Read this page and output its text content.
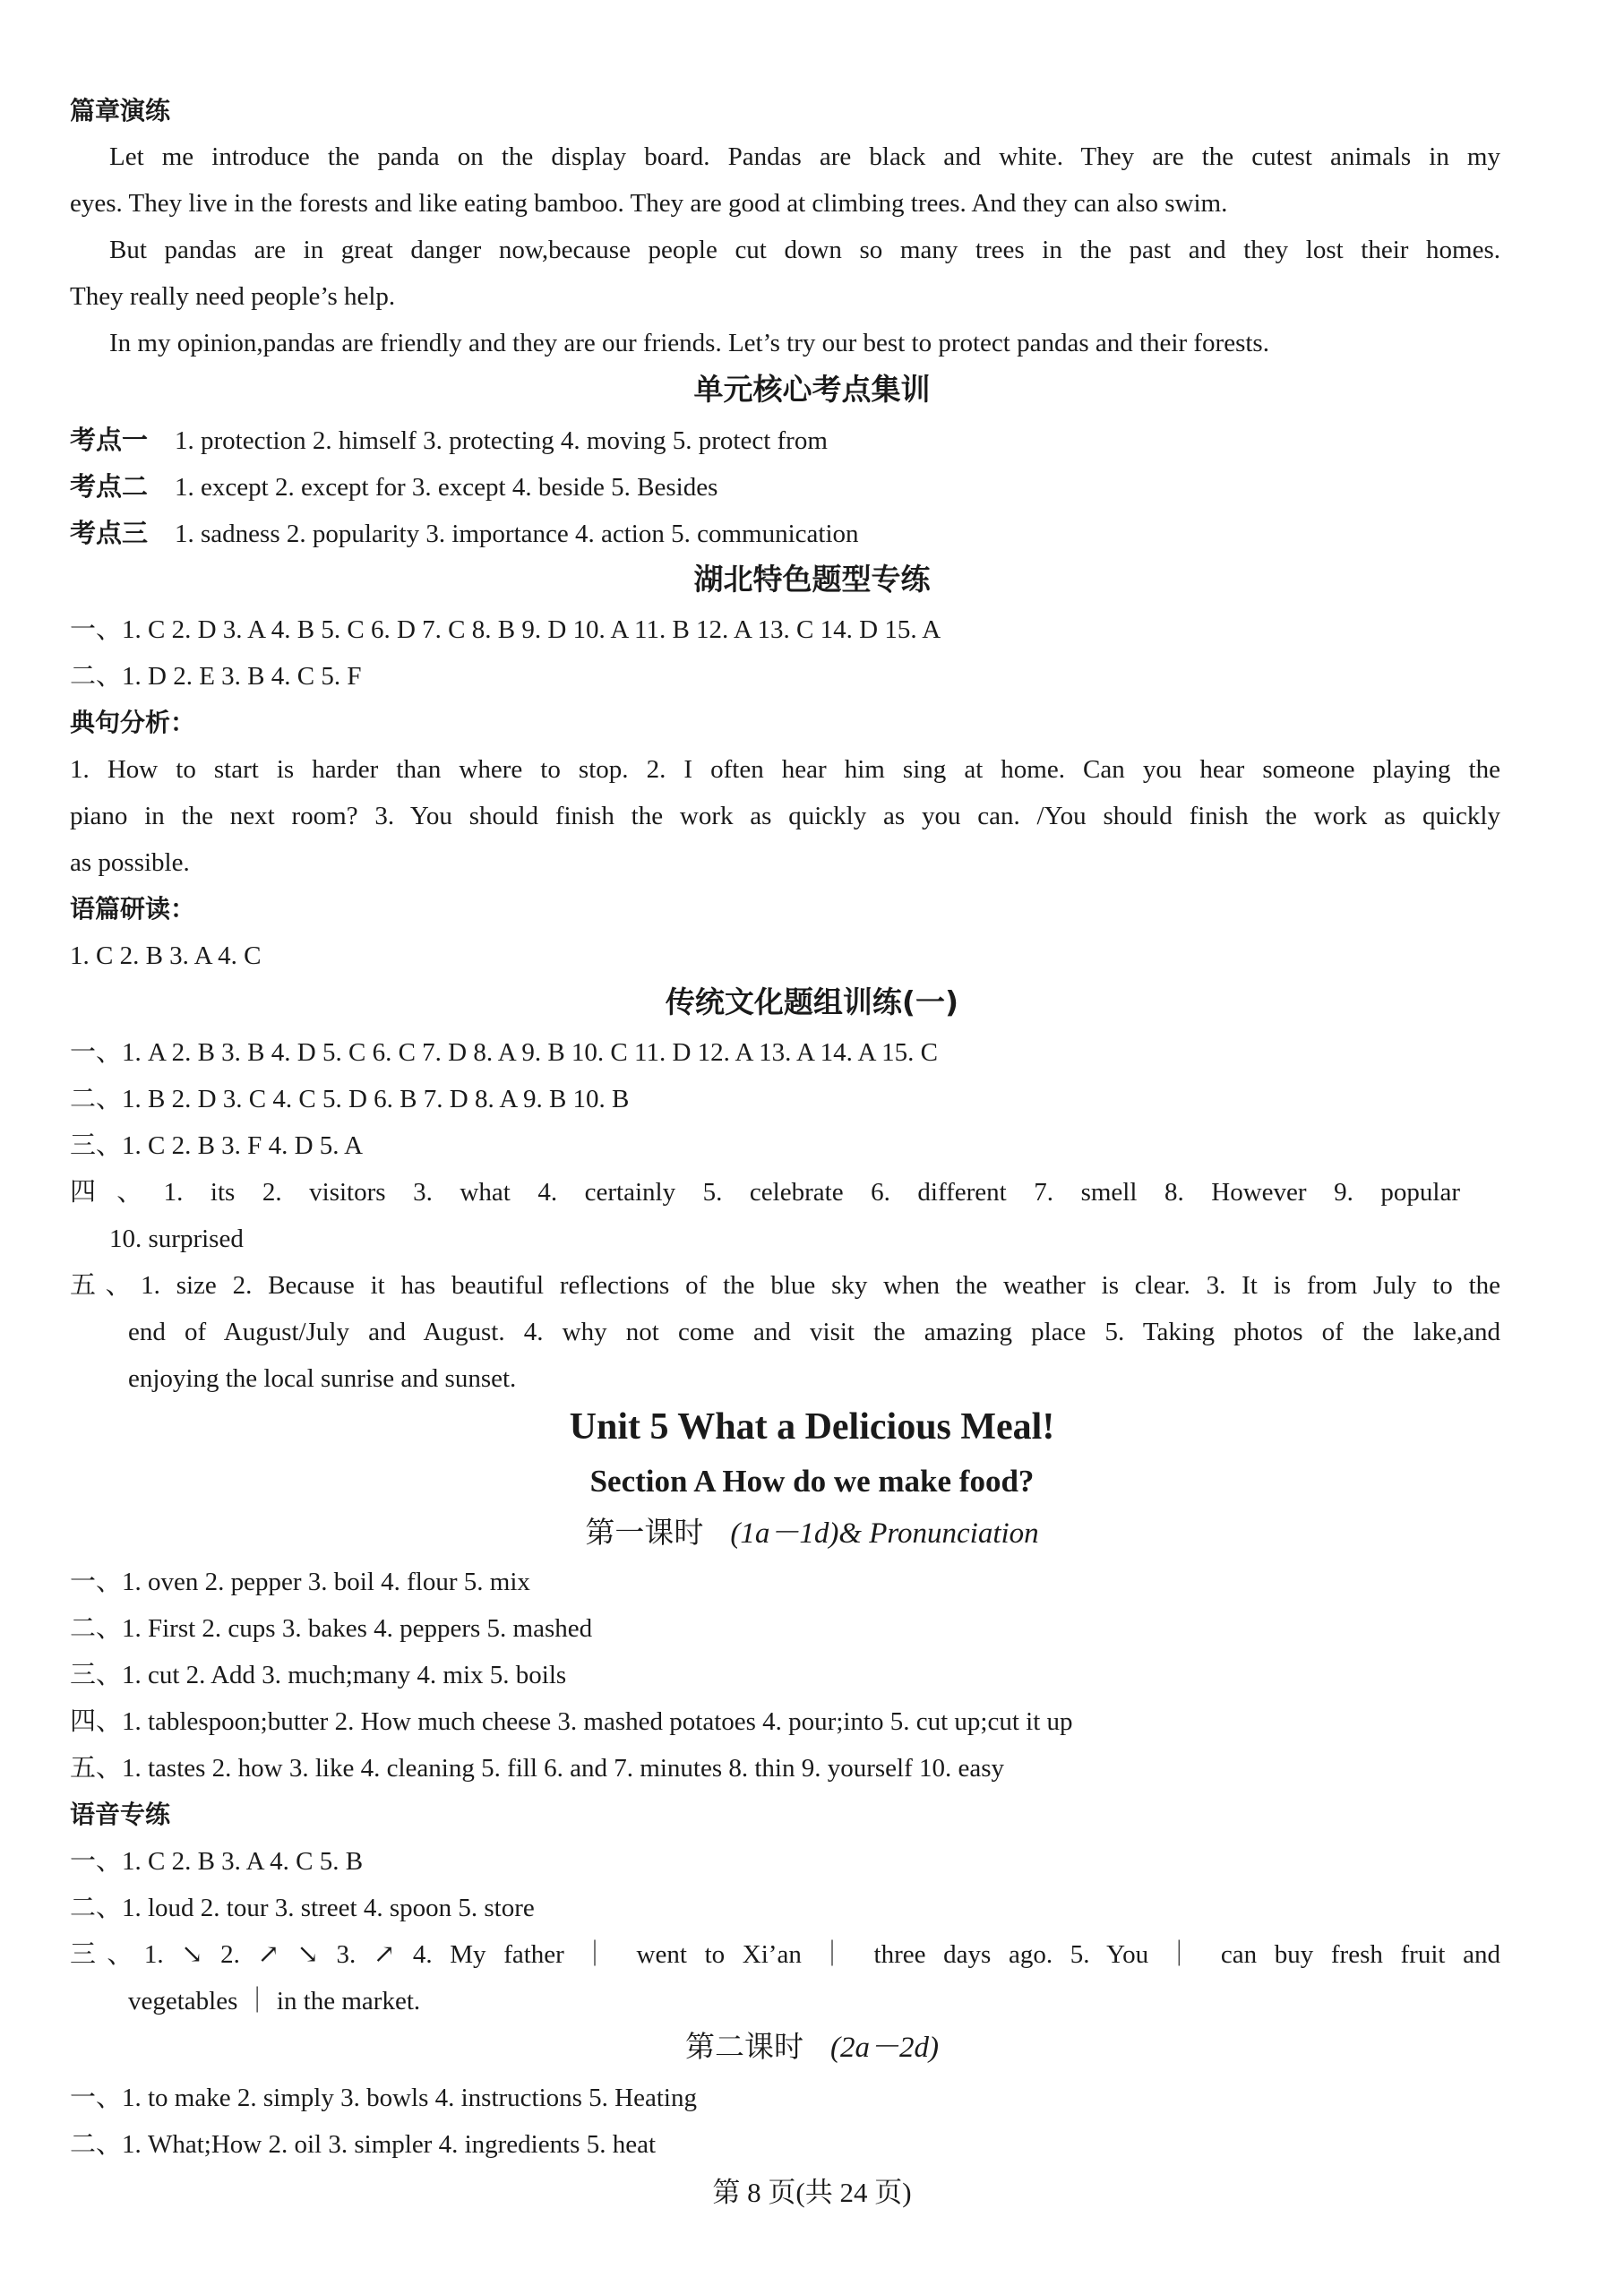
篇章演练
Let me introduce the panda on the display board. Pandas are black and white. They are the cutest animals in my
eyes. They live in the forests and like eating bamboo. They are good at climbing trees. And they can also swim.
But pandas are in great danger now,because people cut down so many trees in the past and they lost their homes.
They really need people’s help.
In my opinion,pandas are friendly and they are our friends. Let’s try our best to protect pandas and their forests.
单元核心考点集训
考点一 1. protection 2. himself 3. protecting 4. moving 5. protect from
考点二 1. except 2. except for 3. except 4. beside 5. Besides
考点三 1. sadness 2. popularity 3. importance 4. action 5. communication
湖北特色题型专练
一、1. C 2. D 3. A 4. B 5. C 6. D 7. C 8. B 9. D 10. A 11. B 12. A 13. C 14. D 15. A
二、1. D 2. E 3. B 4. C 5. F
典句分析：
1. How to start is harder than where to stop. 2. I often hear him sing at home. Can you hear someone playing the
piano in the next room? 3. You should finish the work as quickly as you can. /You should finish the work as quickly
as possible.
语篇研读：
1. C 2. B 3. A 4. C
传统文化题组训练(一)
一、1. A 2. B 3. B 4. D 5. C 6. C 7. D 8. A 9. B 10. C 11. D 12. A 13. A 14. A 15. C
二、1. B 2. D 3. C 4. C 5. D 6. B 7. D 8. A 9. B 10. B
三、1. C 2. B 3. F 4. D 5. A
四、1. its 2. visitors 3. what 4. certainly 5. celebrate 6. different 7. smell 8. However 9. popular
10. surprised
五、1. size 2. Because it has beautiful reflections of the blue sky when the weather is clear. 3. It is from July to the
end of August/July and August. 4. why not come and visit the amazing place 5. Taking photos of the lake,and
enjoying the local sunrise and sunset.
Unit 5 What a Delicious Meal!
Section A How do we make food?
第一课时 (1a－1d)& Pronunciation
一、1. oven 2. pepper 3. boil 4. flour 5. mix
二、1. First 2. cups 3. bakes 4. peppers 5. mashed
三、1. cut 2. Add 3. much;many 4. mix 5. boils
四、1. tablespoon;butter 2. How much cheese 3. mashed potatoes 4. pour;into 5. cut up;cut it up
五、1. tastes 2. how 3. like 4. cleaning 5. fill 6. and 7. minutes 8. thin 9. yourself 10. easy
语音专练
一、1. C 2. B 3. A 4. C 5. B
二、1. loud 2. tour 3. street 4. spoon 5. store
三、1. ↘ 2. ↗ ↘ 3. ↗ 4. My father ｜ went to Xi’an ｜ three days ago. 5. You ｜ can buy fresh fruit and
vegetables ｜ in the market.
第二课时 (2a－2d)
一、1. to make 2. simply 3. bowls 4. instructions 5. Heating
二、1. What;How 2. oil 3. simpler 4. ingredients 5. heat
第 8 页(共 24 页)
